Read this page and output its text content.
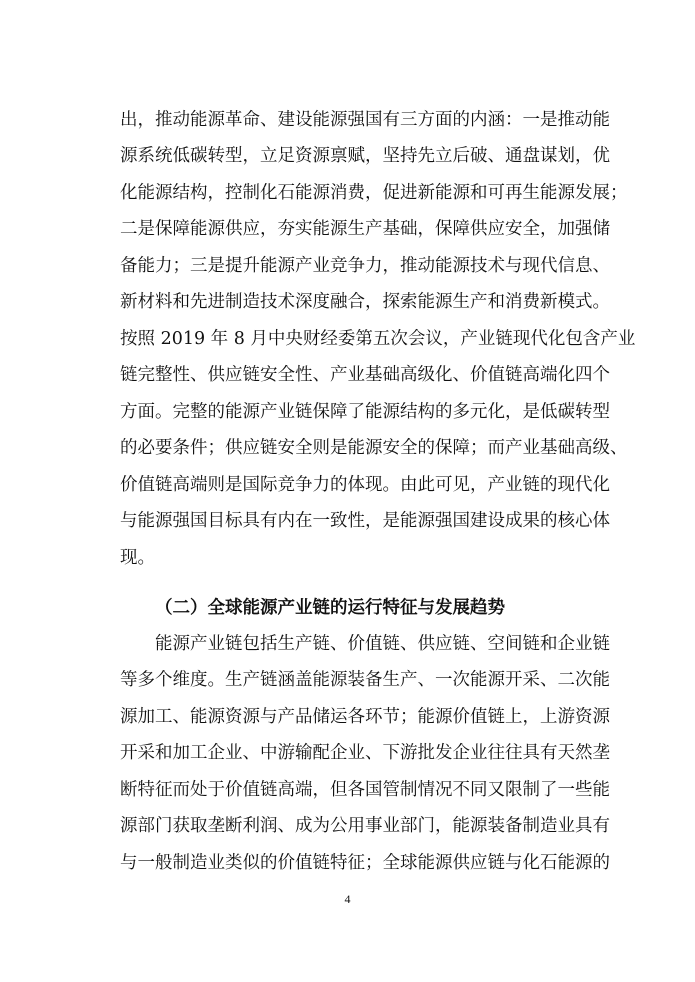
出，推动能源革命、建设能源强国有三方面的内涵：一是推动能
源系统低碳转型，立足资源禀赋，坚持先立后破、通盘谋划，优
化能源结构，控制化石能源消费，促进新能源和可再生能源发展；
二是保障能源供应，夯实能源生产基础，保障供应安全，加强储
备能力；三是提升能源产业竞争力，推动能源技术与现代信息、
新材料和先进制造技术深度融合，探索能源生产和消费新模式。
按照 2019 年 8 月中央财经委第五次会议，产业链现代化包含产业
链完整性、供应链安全性、产业基础高级化、价值链高端化四个
方面。完整的能源产业链保障了能源结构的多元化，是低碳转型
的必要条件；供应链安全则是能源安全的保障；而产业基础高级、
价值链高端则是国际竞争力的体现。由此可见，产业链的现代化
与能源强国目标具有内在一致性，是能源强国建设成果的核心体
现。
（二）全球能源产业链的运行特征与发展趋势
能源产业链包括生产链、价值链、供应链、空间链和企业链
等多个维度。生产链涵盖能源装备生产、一次能源开采、二次能
源加工、能源资源与产品储运各环节；能源价值链上，上游资源
开采和加工企业、中游输配企业、下游批发企业往往具有天然垄
断特征而处于价值链高端，但各国管制情况不同又限制了一些能
源部门获取垄断利润、成为公用事业部门，能源装备制造业具有
与一般制造业类似的价值链特征；全球能源供应链与化石能源的
4
